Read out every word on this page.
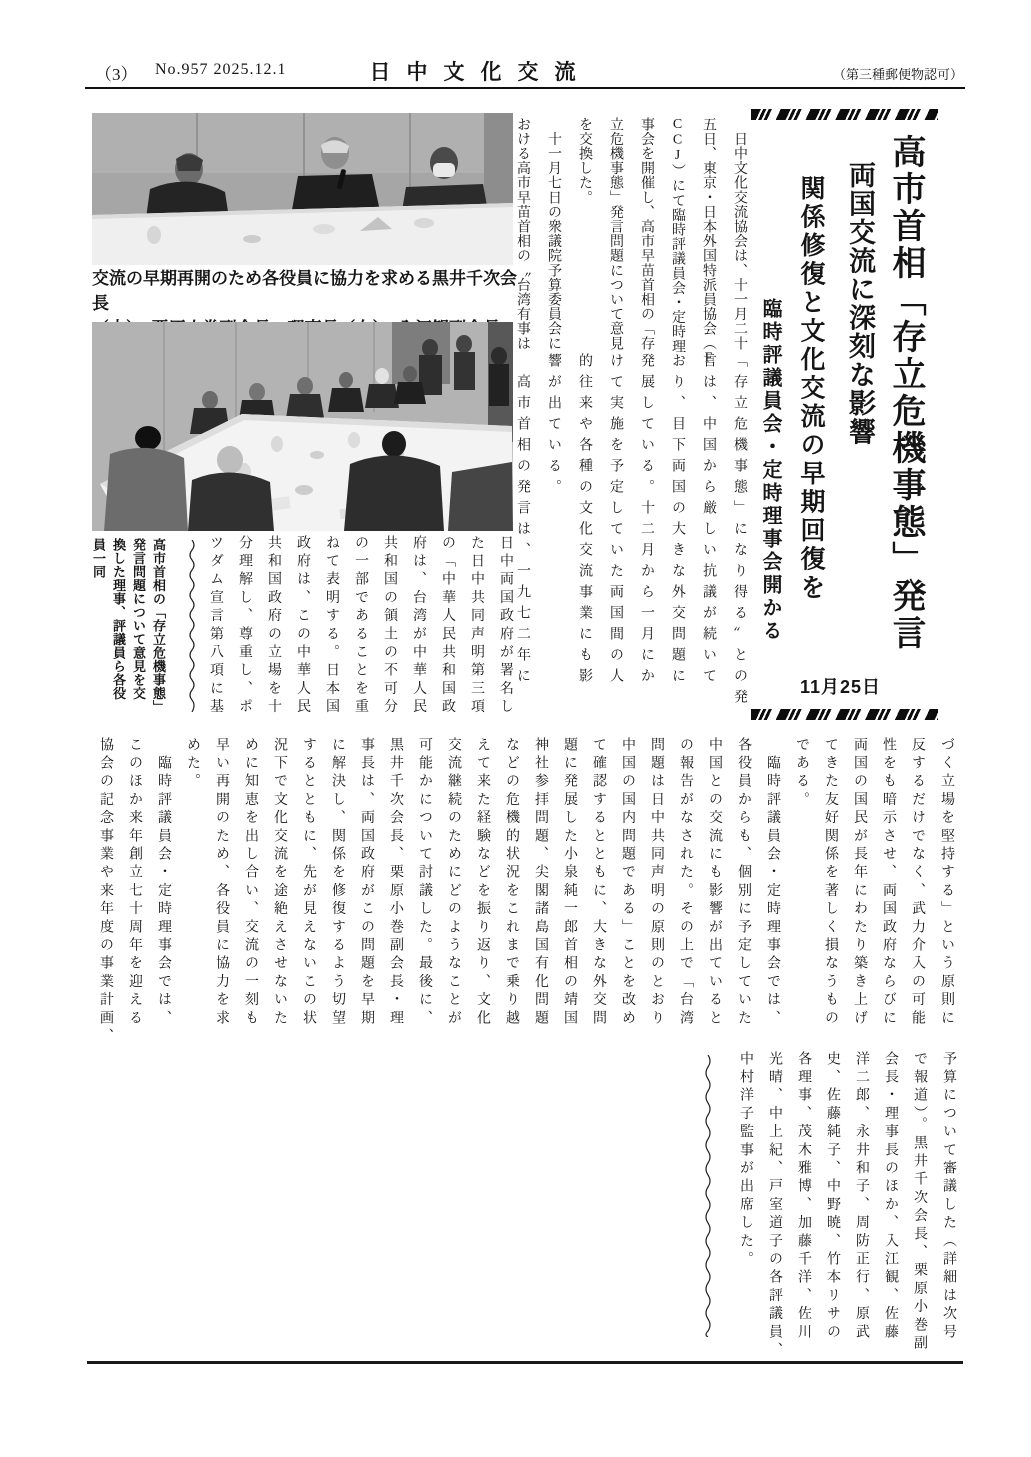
（3） No.957 2025.12.1	日中文化交流	（第三種郵便物認可）
高市首相「存立危機事態」発言
両国交流に深刻な影響
関係修復と文化交流の早期回復を
臨時評議員会・定時理事会開かる
11月25日
交流の早期再開のため各役員に協力を求める黒井千次会長
高市首相の「存立危機事態」
発言問題について意見を交
換した理事、評議員ら各役
員一同
　日中文化交流協会は、十一月二十
五日、東京・日本外国特派員協会（F
CCJ）にて臨時評議員会・定時理
事会を開催し、高市早苗首相の「存
立危機事態」発言問題について意見
を交換した。
　十一月七日の衆議院予算委員会に
おける高市早苗首相の〝台湾有事は
「存立危機事態」になり得る〟との発
言は、中国から厳しい抗議が続いて
おり、目下両国の大きな外交問題に
発展している。十二月から一月にか
けて実施を予定していた両国間の人
的往来や各種の文化交流事業にも影
響が出ている。
　高市首相の発言は、一九七二年に
日中両国政府が署名し
た日中共同声明第三項
の「中華人民共和国政
府は、台湾が中華人民
共和国の領土の不可分
の一部であることを重
ねて表明する。日本国
政府は、この中華人民
共和国政府の立場を十
分理解し、尊重し、ポ
ツダム宣言第八項に基
づく立場を堅持する」という原則に
反するだけでなく、武力介入の可能
性をも暗示させ、両国政府ならびに
両国の国民が長年にわたり築き上げ
てきた友好関係を著しく損なうもの
である。
　臨時評議員会・定時理事会では、
各役員からも、個別に予定していた
中国との交流にも影響が出ていると
の報告がなされた。その上で「台湾
問題は日中共同声明の原則のとおり
中国の国内問題である」ことを改め
て確認するとともに、大きな外交問
題に発展した小泉純一郎首相の靖国
神社参拝問題、尖閣諸島国有化問題
などの危機的状況をこれまで乗り越
えて来た経験などを振り返り、文化
交流継続のためにどのようなことが
可能かについて討議した。最後に、
黒井千次会長、栗原小巻副会長・理
事長は、両国政府がこの問題を早期
に解決し、関係を修復するよう切望
するとともに、先が見えないこの状
況下で文化交流を途絶えさせないた
めに知恵を出し合い、交流の一刻も
早い再開のため、各役員に協力を求
めた。
　臨時評議員会・定時理事会では、
このほか来年創立七十周年を迎える
協会の記念事業や来年度の事業計画、
予算について審議した（詳細は次号
で報道）。黒井千次会長、栗原小巻副
会長・理事長のほか、入江観、佐藤
洋二郎、永井和子、周防正行、原武
史、佐藤純子、中野暁、竹本リサの
各理事、茂木雅博、加藤千洋、佐川
光晴、中上紀、戸室道子の各評議員、
中村洋子監事が出席した。
